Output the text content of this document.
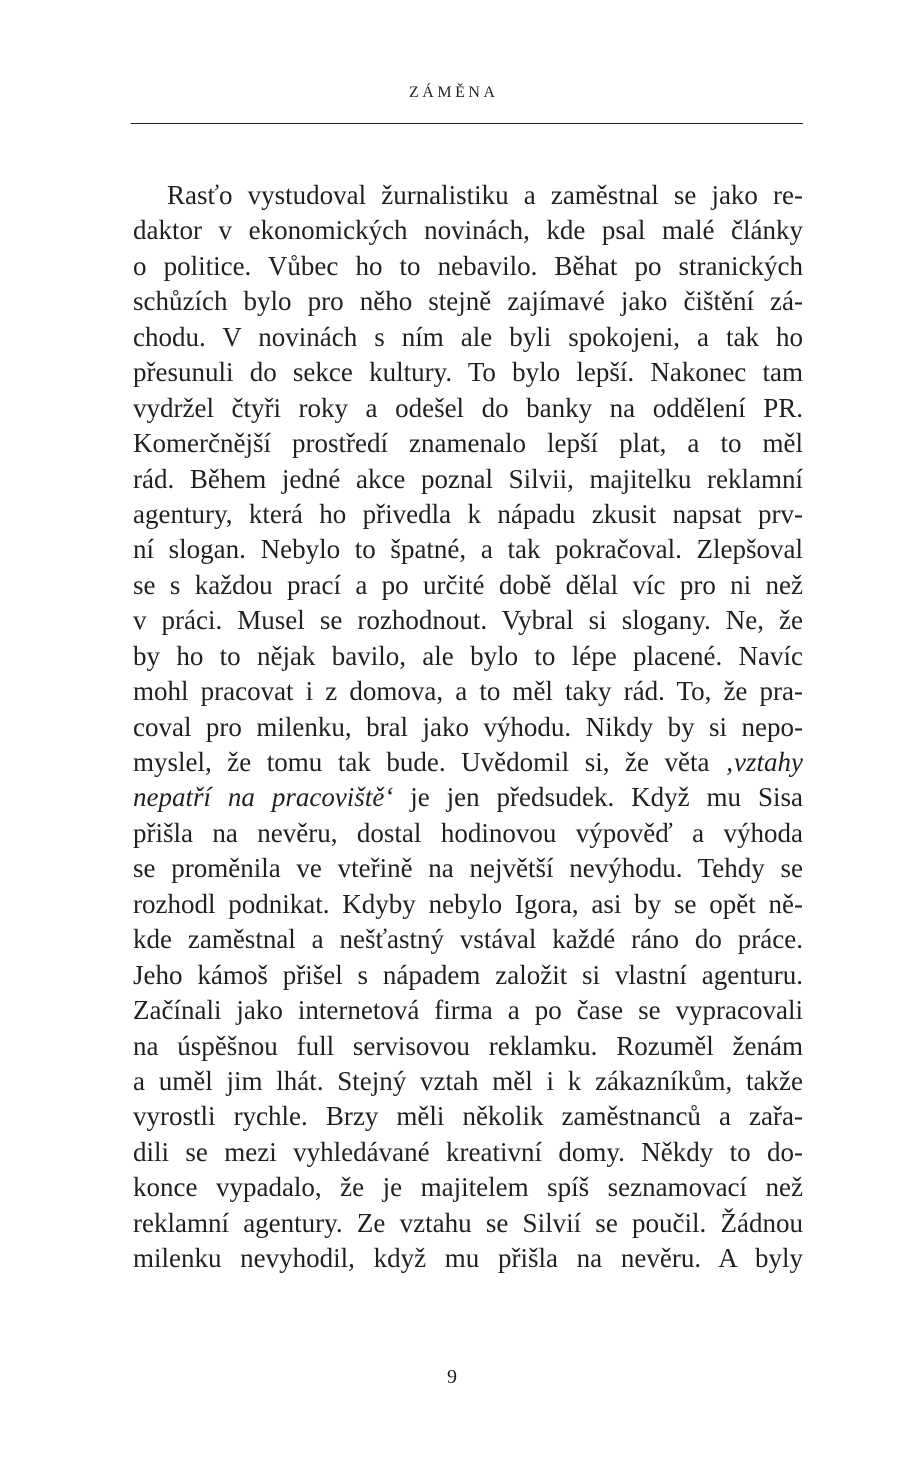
ZÁMĚNA
Rasťo vystudoval žurnalistiku a zaměstnal se jako re-
daktor v ekonomických novinách, kde psal malé články
o politice. Vůbec ho to nebavilo. Běhat po stranických
schůzích bylo pro něho stejně zajímavé jako čištění zá-
chodu. V novinách s ním ale byli spokojeni, a tak ho
přesunuli do sekce kultury. To bylo lepší. Nakonec tam
vydržel čtyři roky a odešel do banky na oddělení PR.
Komerčnější prostředí znamenalo lepší plat, a to měl
rád. Během jedné akce poznal Silvii, majitelku reklamní
agentury, která ho přivedla k nápadu zkusit napsat prv-
ní slogan. Nebylo to špatné, a tak pokračoval. Zlepšoval
se s každou prací a po určité době dělal víc pro ni než
v práci. Musel se rozhodnout. Vybral si slogany. Ne, že
by ho to nějak bavilo, ale bylo to lépe placené. Navíc
mohl pracovat i z domova, a to měl taky rád. To, že pra-
coval pro milenku, bral jako výhodu. Nikdy by si nepo-
myslel, že tomu tak bude. Uvědomil si, že věta ‚vztahy
nepatří na pracoviště‘ je jen předsudek. Když mu Sisa
přišla na nevěru, dostal hodinovou výpověď a výhoda
se proměnila ve vteřině na největší nevýhodu. Tehdy se
rozhodl podnikat. Kdyby nebylo Igora, asi by se opět ně-
kde zaměstnal a nešťastný vstával každé ráno do práce.
Jeho kámoš přišel s nápadem založit si vlastní agenturu.
Začínali jako internetová firma a po čase se vypracovali
na úspěšnou full servisovou reklamku. Rozuměl ženám
a uměl jim lhát. Stejný vztah měl i k zákazníkům, takže
vyrostli rychle. Brzy měli několik zaměstnanců a zařa-
dili se mezi vyhledávané kreativní domy. Někdy to do-
konce vypadalo, že je majitelem spíš seznamovací než
reklamní agentury. Ze vztahu se Silvií se poučil. Žádnou
milenku nevyhodil, když mu přišla na nevěru. A byly
9
